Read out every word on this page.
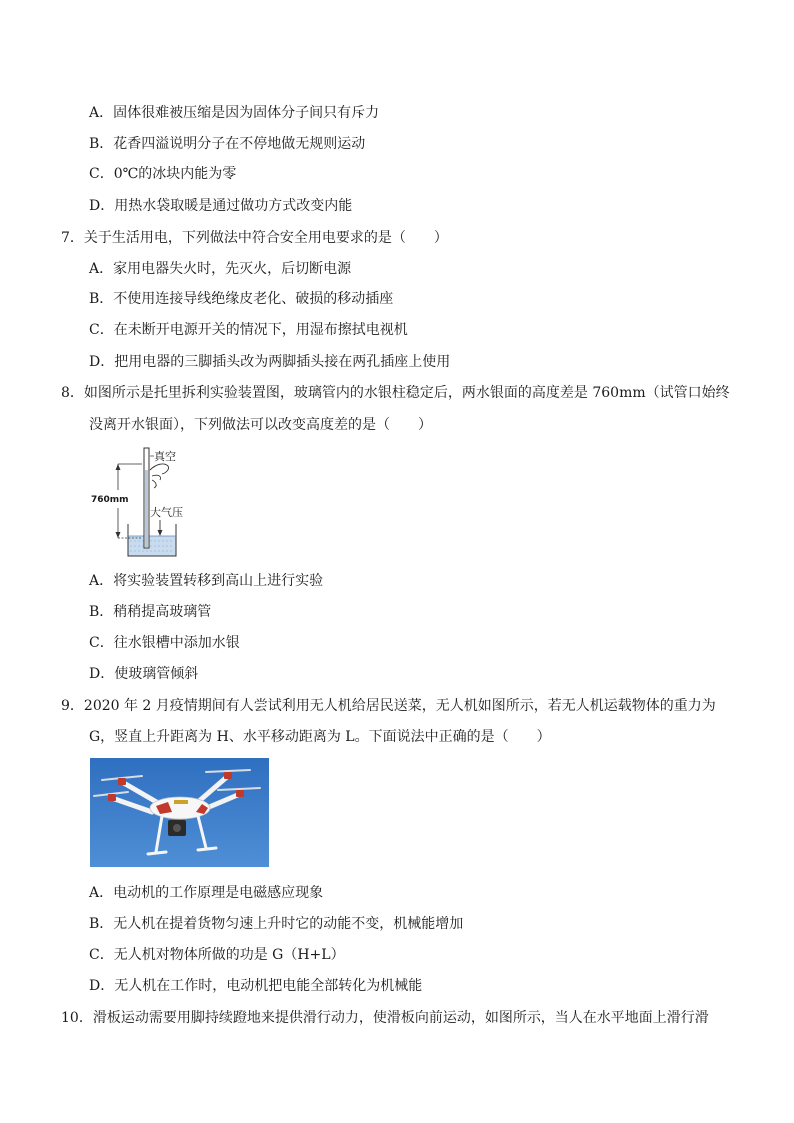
A．固体很难被压缩是因为固体分子间只有斥力
B．花香四溢说明分子在不停地做无规则运动
C．0℃的冰块内能为零
D．用热水袋取暖是通过做功方式改变内能
7．关于生活用电，下列做法中符合安全用电要求的是（　　）
A．家用电器失火时，先灭火，后切断电源
B．不使用连接导线绝缘皮老化、破损的移动插座
C．在未断开电源开关的情况下，用湿布擦拭电视机
D．把用电器的三脚插头改为两脚插头接在两孔插座上使用
8．如图所示是托里拆利实验装置图，玻璃管内的水银柱稳定后，两水银面的高度差是 760mm（试管口始终
没离开水银面），下列做法可以改变高度差的是（　　）
真空
760mm
大气压
A．将实验装置转移到高山上进行实验
B．稍稍提高玻璃管
C．往水银槽中添加水银
D．使玻璃管倾斜
9．2020 年 2 月疫情期间有人尝试利用无人机给居民送菜，无人机如图所示，若无人机运载物体的重力为
G，竖直上升距离为 H、水平移动距离为 L。下面说法中正确的是（　　）
A．电动机的工作原理是电磁感应现象
B．无人机在提着货物匀速上升时它的动能不变，机械能增加
C．无人机对物体所做的功是 G（H+L）
D．无人机在工作时，电动机把电能全部转化为机械能
10．滑板运动需要用脚持续蹬地来提供滑行动力，使滑板向前运动，如图所示，当人在水平地面上滑行滑
